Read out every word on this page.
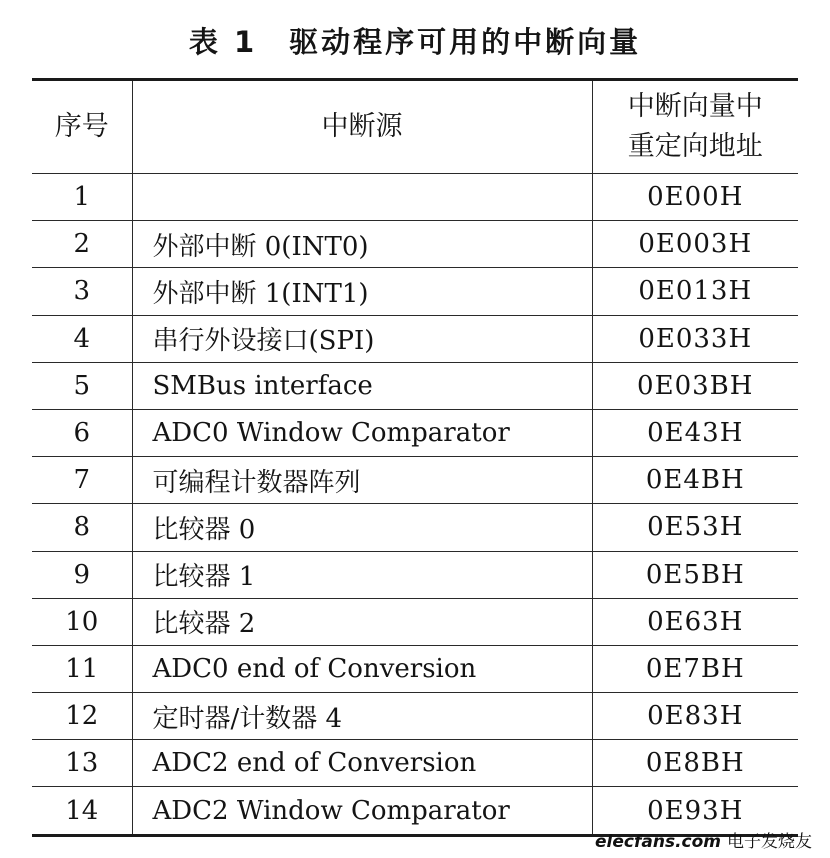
表 1 驱动程序可用的中断向量
序号	中断源	中断向量中
重定向地址

1		0E00H
2	外部中断 0(INT0)	0E003H
3	外部中断 1(INT1)	0E013H
4	串行外设接口(SPI)	0E033H
5	SMBus interface	0E03BH
6	ADC0 Window Comparator	0E43H
7	可编程计数器阵列	0E4BH
8	比较器 0	0E53H
9	比较器 1	0E5BH
10	比较器 2	0E63H
11	ADC0 end of Conversion	0E7BH
12	定时器/计数器 4	0E83H
13	ADC2 end of Conversion	0E8BH
14	ADC2 Window Comparator	0E93H
elecfans.com 电子发烧友
